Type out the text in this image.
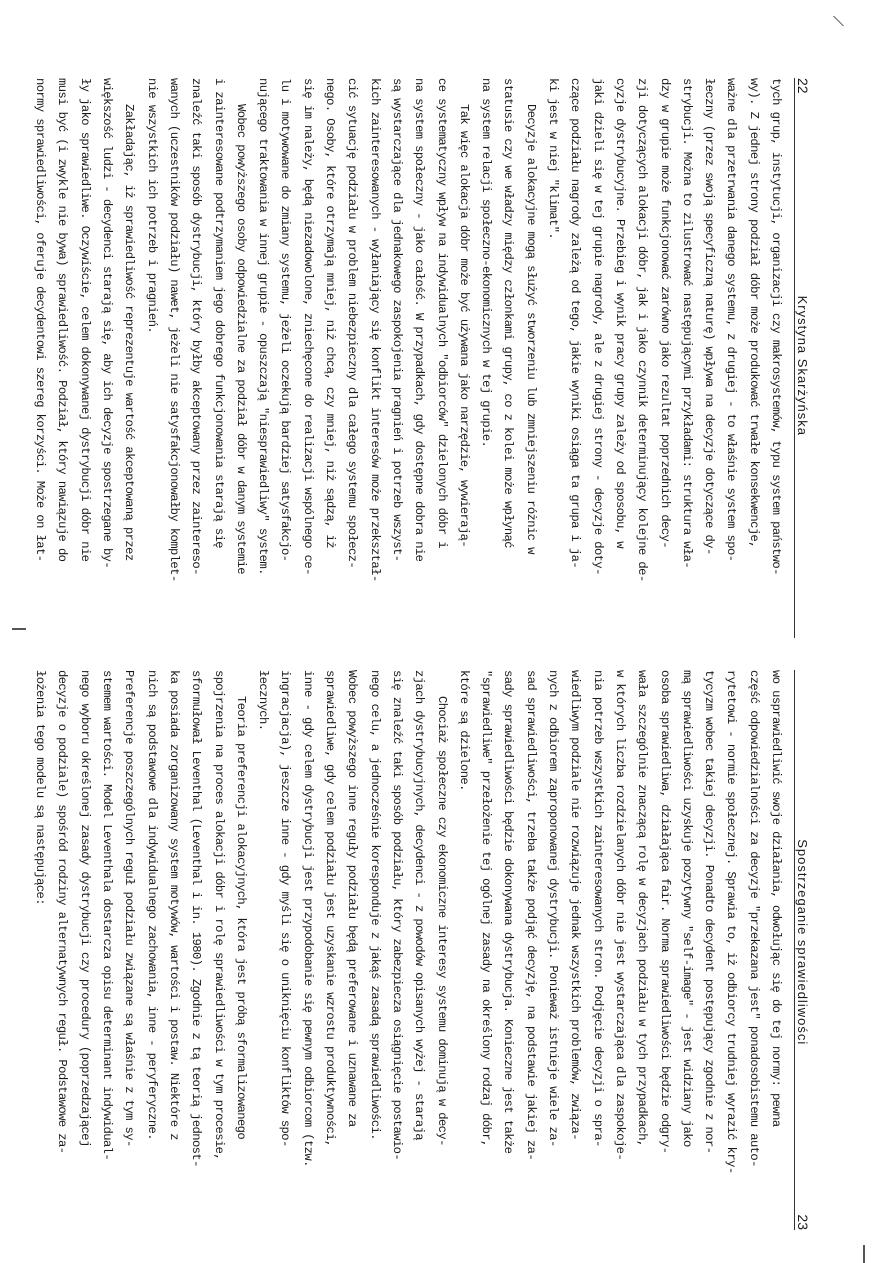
22
Krystyna Skarżyńska
tych grup, instytucji, organizacji czy makrosystemów, typu system państwo-
wy). Z jednej strony podział dóbr może produkować trwałe konsekwencje,
ważne dla przetrwania danego systemu, z drugiej - to właśnie system spo-
łeczny (przez swoją specyficzną naturę) wpływa na decyzje dotyczące dy-
strybucji. Można to zilustrować następującymi przykładami: struktura wła-
dzy w grupie może funkcjonować zarówno jako rezultat poprzednich decy-
zji dotyczących alokacji dóbr, jak i jako czynnik determinujący kolejne de-
cyzje dystrybucyjne. Przebieg i wynik pracy grupy zależy od sposobu, w
jaki dzieli się w tej grupie nagrody, ale z drugiej strony - decyzje doty-
czące podziału nagrody zależą od tego, jakie wyniki osiąga ta grupa i ja-
ki jest w niej "klimat".
Decyzje alokacyjne mogą służyć stworzeniu lub zmniejszeniu różnic w
statusie czy we władzy między członkami grupy, co z kolei może wpłynąć
na system relacji społeczno-ekonomicznych w tej grupie.
Tak więc alokacja dóbr może być używana jako narzędzie, wywierają-
ce systematyczny wpływ na indywidualnych "odbiorców" dzielonych dóbr i
na system społeczny - jako całość. W przypadkach, gdy dostępne dobra nie
są wystarczające dla jednakowego zaspokojenia pragnień i potrzeb wszyst-
kich zainteresowanych - wyłaniający się konflikt interesów może przekształ-
cić sytuację podziału w problem niebezpieczny dla całego systemu społecz-
nego. Osoby, które otrzymają mniej, niż chcą, czy mniej, niż sądzą, iż
się im należy, będą niezadowolone, zniechęcone do realizacji wspólnego ce-
lu i motywowane do zmiany systemu, jeżeli oczekują bardziej satysfakcjo-
nującego traktowania w innej grupie - opuszczają "niesprawiedliwy" system.
Wobec powyższego osoby odpowiedzialne za podział dóbr w danym systemie
i zainteresowane podtrzymaniem jego dobrego funkcjonowania starają się
znaleźć taki sposób dystrybucji, który byłby akceptowany przez zaintereso-
wanych (uczestników podziału) nawet, jeżeli nie satysfakcjonowałby komplet-
nie wszystkich ich potrzeb i pragnień.
Zakładając, iż sprawiedliwość reprezentuje wartość akceptowaną przez
większość ludzi - decydenci starają się, aby ich decyzje spostrzegane by-
ły jako sprawiedliwe. Oczywiście, celem dokonywanej dystrybucji dóbr nie
musi być (i zwykle nie bywa) sprawiedliwość. Podział, który nawiązuje do
normy sprawiedliwości, oferuje decydentowi szereg korzyści. Może on łat-
Spostrzeganie sprawiedliwości
23
wo usprawiedliwić swoje działania, odwołując się do tej normy: pewna
część odpowiedzialności za decyzje "przekazana jest" ponadosobistemu auto-
rytetowi - normie społecznej. Sprawia to, iż odbiorcy trudniej wyrazić kry-
tycyzm wobec takiej decyzji. Ponadto decydent postępujący zgodnie z nor-
mą sprawiedliwości uzyskuje pozytywny "self-image" - jest widziany jako
osoba sprawiedliwa, działająca fair. Norma sprawiedliwości będzie odgry-
wała szczególnie znaczącą rolę w decyzjach podziału w tych przypadkach,
w których liczba rozdzielanych dóbr nie jest wystarczająca dla zaspokoje-
nia potrzeb wszystkich zainteresowanych stron. Podjęcie decyzji o spra-
wiedliwym podziale nie rozwiązuje jednak wszystkich problemów, związa-
nych z odbiorem zaproponowanej dystrybucji. Ponieważ istnieje wiele za-
sad sprawiedliwości, trzeba także podjąć decyzję, na podstawie jakiej za-
sady sprawiedliwości będzie dokonywana dystrybucja. Konieczne jest także
"sprawiedliwe" przełożenie tej ogólnej zasady na określony rodzaj dóbr,
które są dzielone.
Chociaż społeczne czy ekonomiczne interesy systemu dominują w decy-
zjach dystrybucyjnych, decydenci - z powodów opisanych wyżej - starają
się znaleźć taki sposób podziału, który zabezpiecza osiągnięcie postawio-
nego celu, a jednocześnie koresponduje z jakąś zasadą sprawiedliwości.
Wobec powyższego inne reguły podziału będą preferowane i uznawane za
sprawiedliwe, gdy celem podziału jest uzyskanie wzrostu produktywności,
inne - gdy celem dystrybucji jest przypodobanie się pewnym odbiorcom (tzw.
ingracjacja), jeszcze inne - gdy myśli się o uniknięciu konfliktów spo-
łecznych.
Teoria preferencji alokacyjnych, która jest próbą sformalizowanego
spojrzenia na proces alokacji dóbr i rolę sprawiedliwości w tym procesie,
sformułował Leventhal (Leventhal i in. 1980). Zgodnie z tą teorią jednost-
ka posiada zorganizowany system motywów, wartości i postaw. Niektóre z
nich są podstawowe dla indywidualnego zachowania, inne - peryferyczne.
Preferencje poszczególnych reguł podziału związane są właśnie z tym sy-
stemem wartości. Model Leventhala dostarcza opisu determinant indywidual-
nego wyboru określonej zasady dystrybucji czy procedury (poprzedzającej
decyzje o podziale) spośród rodziny alternatywnych reguł. Podstawowe za-
łożenia tego modelu są następujące:
